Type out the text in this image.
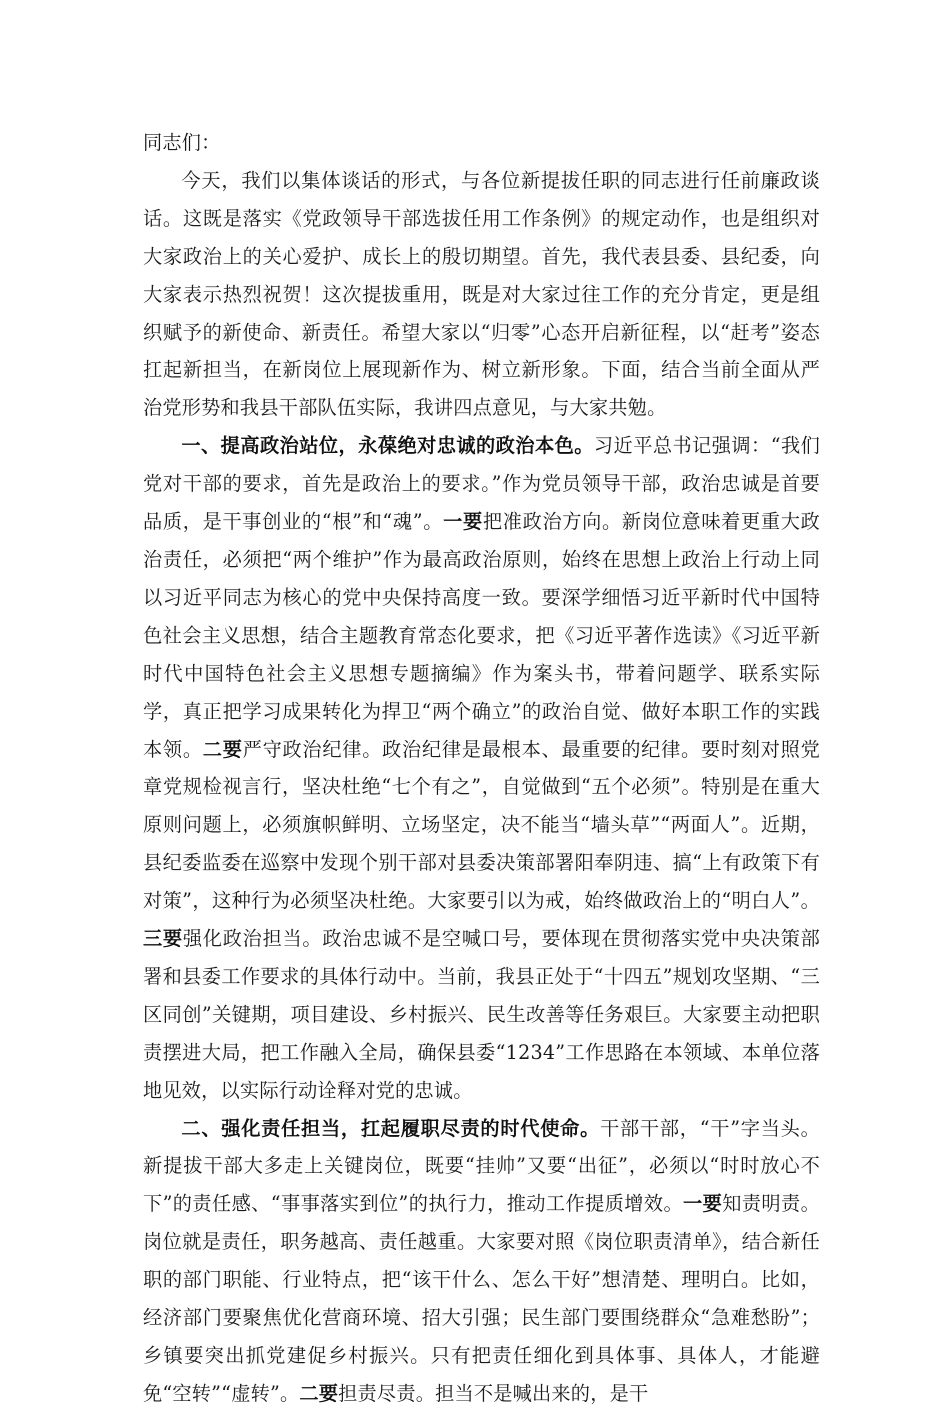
同志们：

今天，我们以集体谈话的形式，与各位新提拔任职的同志进行任前廉政谈话。这既是落实《党政领导干部选拔任用工作条例》的规定动作，也是组织对大家政治上的关心爱护、成长上的殷切期望。首先，我代表县委、县纪委，向大家表示热烈祝贺！这次提拔重用，既是对大家过往工作的充分肯定，更是组织赋予的新使命、新责任。希望大家以“归零”心态开启新征程，以“赶考”姿态扛起新担当，在新岗位上展现新作为、树立新形象。下面，结合当前全面从严治党形势和我县干部队伍实际，我讲四点意见，与大家共勉。

一、提高政治站位，永葆绝对忠诚的政治本色。习近平总书记强调：“我们党对干部的要求，首先是政治上的要求。”作为党员领导干部，政治忠诚是首要品质，是干事创业的“根”和“魂”。一要把准政治方向。新岗位意味着更重大政治责任，必须把“两个维护”作为最高政治原则，始终在思想上政治上行动上同以习近平同志为核心的党中央保持高度一致。要深学细悟习近平新时代中国特色社会主义思想，结合主题教育常态化要求，把《习近平著作选读》《习近平新时代中国特色社会主义思想专题摘编》作为案头书，带着问题学、联系实际学，真正把学习成果转化为捍卫“两个确立”的政治自觉、做好本职工作的实践本领。二要严守政治纪律。政治纪律是最根本、最重要的纪律。要时刻对照党章党规检视言行，坚决杜绝“七个有之”，自觉做到“五个必须”。特别是在重大原则问题上，必须旗帜鲜明、立场坚定，决不能当“墙头草”“两面人”。近期，县纪委监委在巡察中发现个别干部对县委决策部署阳奉阴违、搞“上有政策下有对策”，这种行为必须坚决杜绝。大家要引以为戒，始终做政治上的“明白人”。三要强化政治担当。政治忠诚不是空喊口号，要体现在贯彻落实党中央决策部署和县委工作要求的具体行动中。当前，我县正处于“十四五”规划攻坚期、“三区同创”关键期，项目建设、乡村振兴、民生改善等任务艰巨。大家要主动把职责摆进大局，把工作融入全局，确保县委“1234”工作思路在本领域、本单位落地见效，以实际行动诠释对党的忠诚。

二、强化责任担当，扛起履职尽责的时代使命。干部干部，“干”字当头。新提拔干部大多走上关键岗位，既要“挂帅”又要“出征”，必须以“时时放心不下”的责任感、“事事落实到位”的执行力，推动工作提质增效。一要知责明责。岗位就是责任，职务越高、责任越重。大家要对照《岗位职责清单》，结合新任职的部门职能、行业特点，把“该干什么、怎么干好”想清楚、理明白。比如，经济部门要聚焦优化营商环境、招大引强；民生部门要围绕群众“急难愁盼”；乡镇要突出抓党建促乡村振兴。只有把责任细化到具体事、具体人，才能避免“空转”“虚转”。二要担责尽责。担当不是喊出来的，是干
